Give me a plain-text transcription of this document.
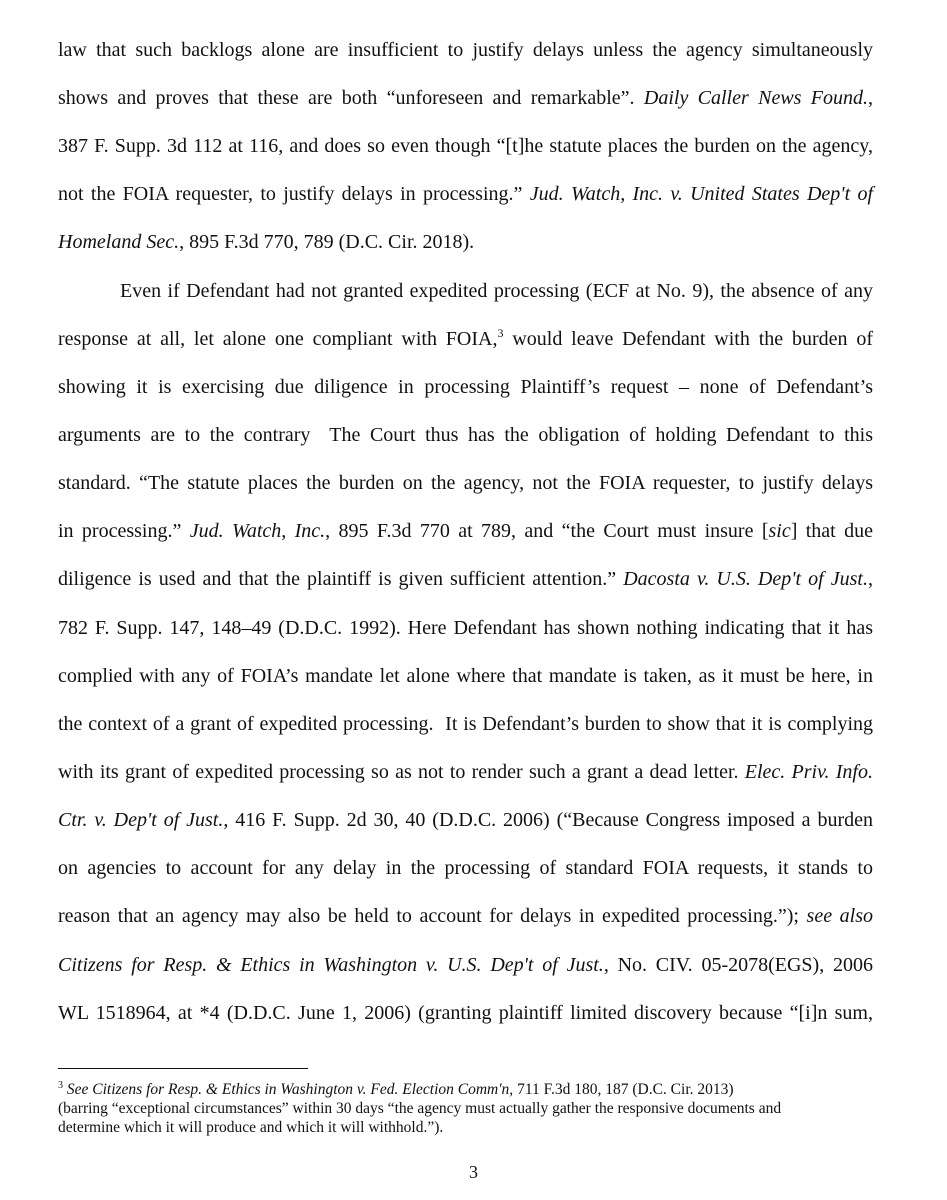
law that such backlogs alone are insufficient to justify delays unless the agency simultaneously
shows and proves that these are both “unforeseen and remarkable”. Daily Caller News Found.,
387 F. Supp. 3d 112 at 116, and does so even though “[t]he statute places the burden on the agency,
not the FOIA requester, to justify delays in processing.” Jud. Watch, Inc. v. United States Dep't of
Homeland Sec., 895 F.3d 770, 789 (D.C. Cir. 2018).
Even if Defendant had not granted expedited processing (ECF at No. 9), the absence of any
response at all, let alone one compliant with FOIA,$^3$ would leave Defendant with the burden of
showing it is exercising due diligence in processing Plaintiff’s request – none of Defendant’s
arguments are to the contrary  The Court thus has the obligation of holding Defendant to this
standard. “The statute places the burden on the agency, not the FOIA requester, to justify delays
in processing.” Jud. Watch, Inc., 895 F.3d 770 at 789, and “the Court must insure [sic] that due
diligence is used and that the plaintiff is given sufficient attention.” Dacosta v. U.S. Dep't of Just.,
782 F. Supp. 147, 148–49 (D.D.C. 1992). Here Defendant has shown nothing indicating that it has
complied with any of FOIA’s mandate let alone where that mandate is taken, as it must be here, in
the context of a grant of expedited processing.  It is Defendant’s burden to show that it is complying
with its grant of expedited processing so as not to render such a grant a dead letter. Elec. Priv. Info.
Ctr. v. Dep't of Just., 416 F. Supp. 2d 30, 40 (D.D.C. 2006) (“Because Congress imposed a burden
on agencies to account for any delay in the processing of standard FOIA requests, it stands to
reason that an agency may also be held to account for delays in expedited processing.”); see also
Citizens for Resp. & Ethics in Washington v. U.S. Dep't of Just., No. CIV. 05-2078(EGS), 2006
WL 1518964, at *4 (D.D.C. June 1, 2006) (granting plaintiff limited discovery because “[i]n sum,
$^3$ See Citizens for Resp. & Ethics in Washington v. Fed. Election Comm'n, 711 F.3d 180, 187 (D.C. Cir. 2013)
(barring “exceptional circumstances” within 30 days “the agency must actually gather the responsive documents and
determine which it will produce and which it will withhold.”).
3
